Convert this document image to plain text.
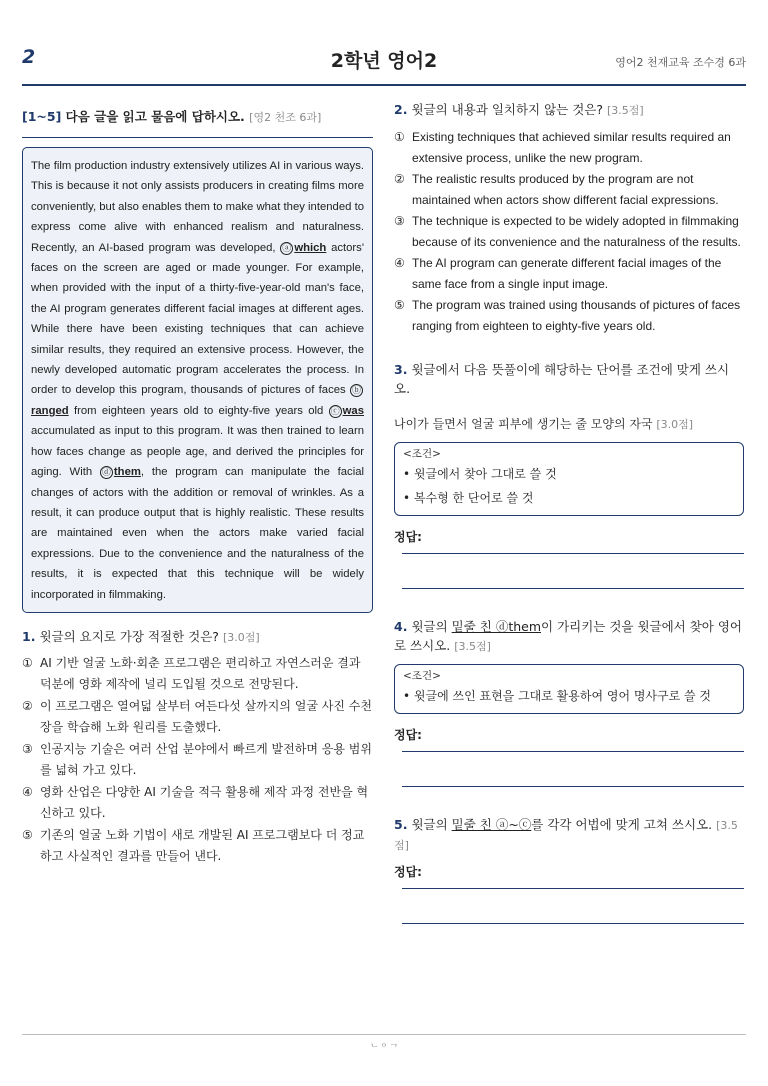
2	2학년 영어2	영어2 천재교육 조수경 6과
[1~5] 다음 글을 읽고 물음에 답하시오. [영2 천조 6과]
The film production industry extensively utilizes AI in various ways. This is because it not only assists producers in creating films more conveniently, but also enables them to make what they intended to express come alive with enhanced realism and naturalness. Recently, an AI-based program was developed, ⓐ which actors' faces on the screen are aged or made younger. For example, when provided with the input of a thirty-five-year-old man's face, the AI program generates different facial images at different ages. While there have been existing techniques that can achieve similar results, they required an extensive process. However, the newly developed automatic program accelerates the process. In order to develop this program, thousands of pictures of faces ⓑranged from eighteen years old to eighty-five years old ⓒ was accumulated as input to this program. It was then trained to learn how faces change as people age, and derived the principles for aging. With ⓓ them, the program can manipulate the facial changes of actors with the addition or removal of wrinkles. As a result, it can produce output that is highly realistic. These results are maintained even when the actors make varied facial expressions. Due to the convenience and the naturalness of the results, it is expected that this technique will be widely incorporated in filmmaking.
1. 윗글의 요지로 가장 적절한 것은? [3.0점]
① AI 기반 얼굴 노화·회춘 프로그램은 편리하고 자연스러운 결과 덕분에 영화 제작에 널리 도입될 것으로 전망된다.
② 이 프로그램은 열여덟 살부터 여든다섯 살까지의 얼굴 사진 수천 장을 학습해 노화 원리를 도출했다.
③ 인공지능 기술은 여러 산업 분야에서 빠르게 발전하며 응용 범위를 넓혀 가고 있다.
④ 영화 산업은 다양한 AI 기술을 적극 활용해 제작 과정 전반을 혁신하고 있다.
⑤ 기존의 얼굴 노화 기법이 새로 개발된 AI 프로그램보다 더 정교하고 사실적인 결과를 만들어 낸다.
2. 윗글의 내용과 일치하지 않는 것은? [3.5점]
① Existing techniques that achieved similar results required an extensive process, unlike the new program.
② The realistic results produced by the program are not maintained when actors show different facial expressions.
③ The technique is expected to be widely adopted in filmmaking because of its convenience and the naturalness of the results.
④ The AI program can generate different facial images of the same face from a single input image.
⑤ The program was trained using thousands of pictures of faces ranging from eighteen to eighty-five years old.
3. 윗글에서 다음 뜻풀이에 해당하는 단어를 조건에 맞게 쓰시오.
나이가 들면서 얼굴 피부에 생기는 줄 모양의 자국 [3.0점]
<조건>
• 윗글에서 찾아 그대로 쓸 것
• 복수형 한 단어로 쓸 것
정답:
4. 윗글의 밑줄 친 ⓓthem이 가리키는 것을 윗글에서 찾아 영어로 쓰시오. [3.5점]
<조건>
• 윗글에 쓰인 표현을 그대로 활용하여 영어 명사구로 쓸 것
정답:
5. 윗글의 밑줄 친 ⓐ~ⓒ를 각각 어법에 맞게 고쳐 쓰시오. [3.5점]
정답:
ᄂᄋᄀ
